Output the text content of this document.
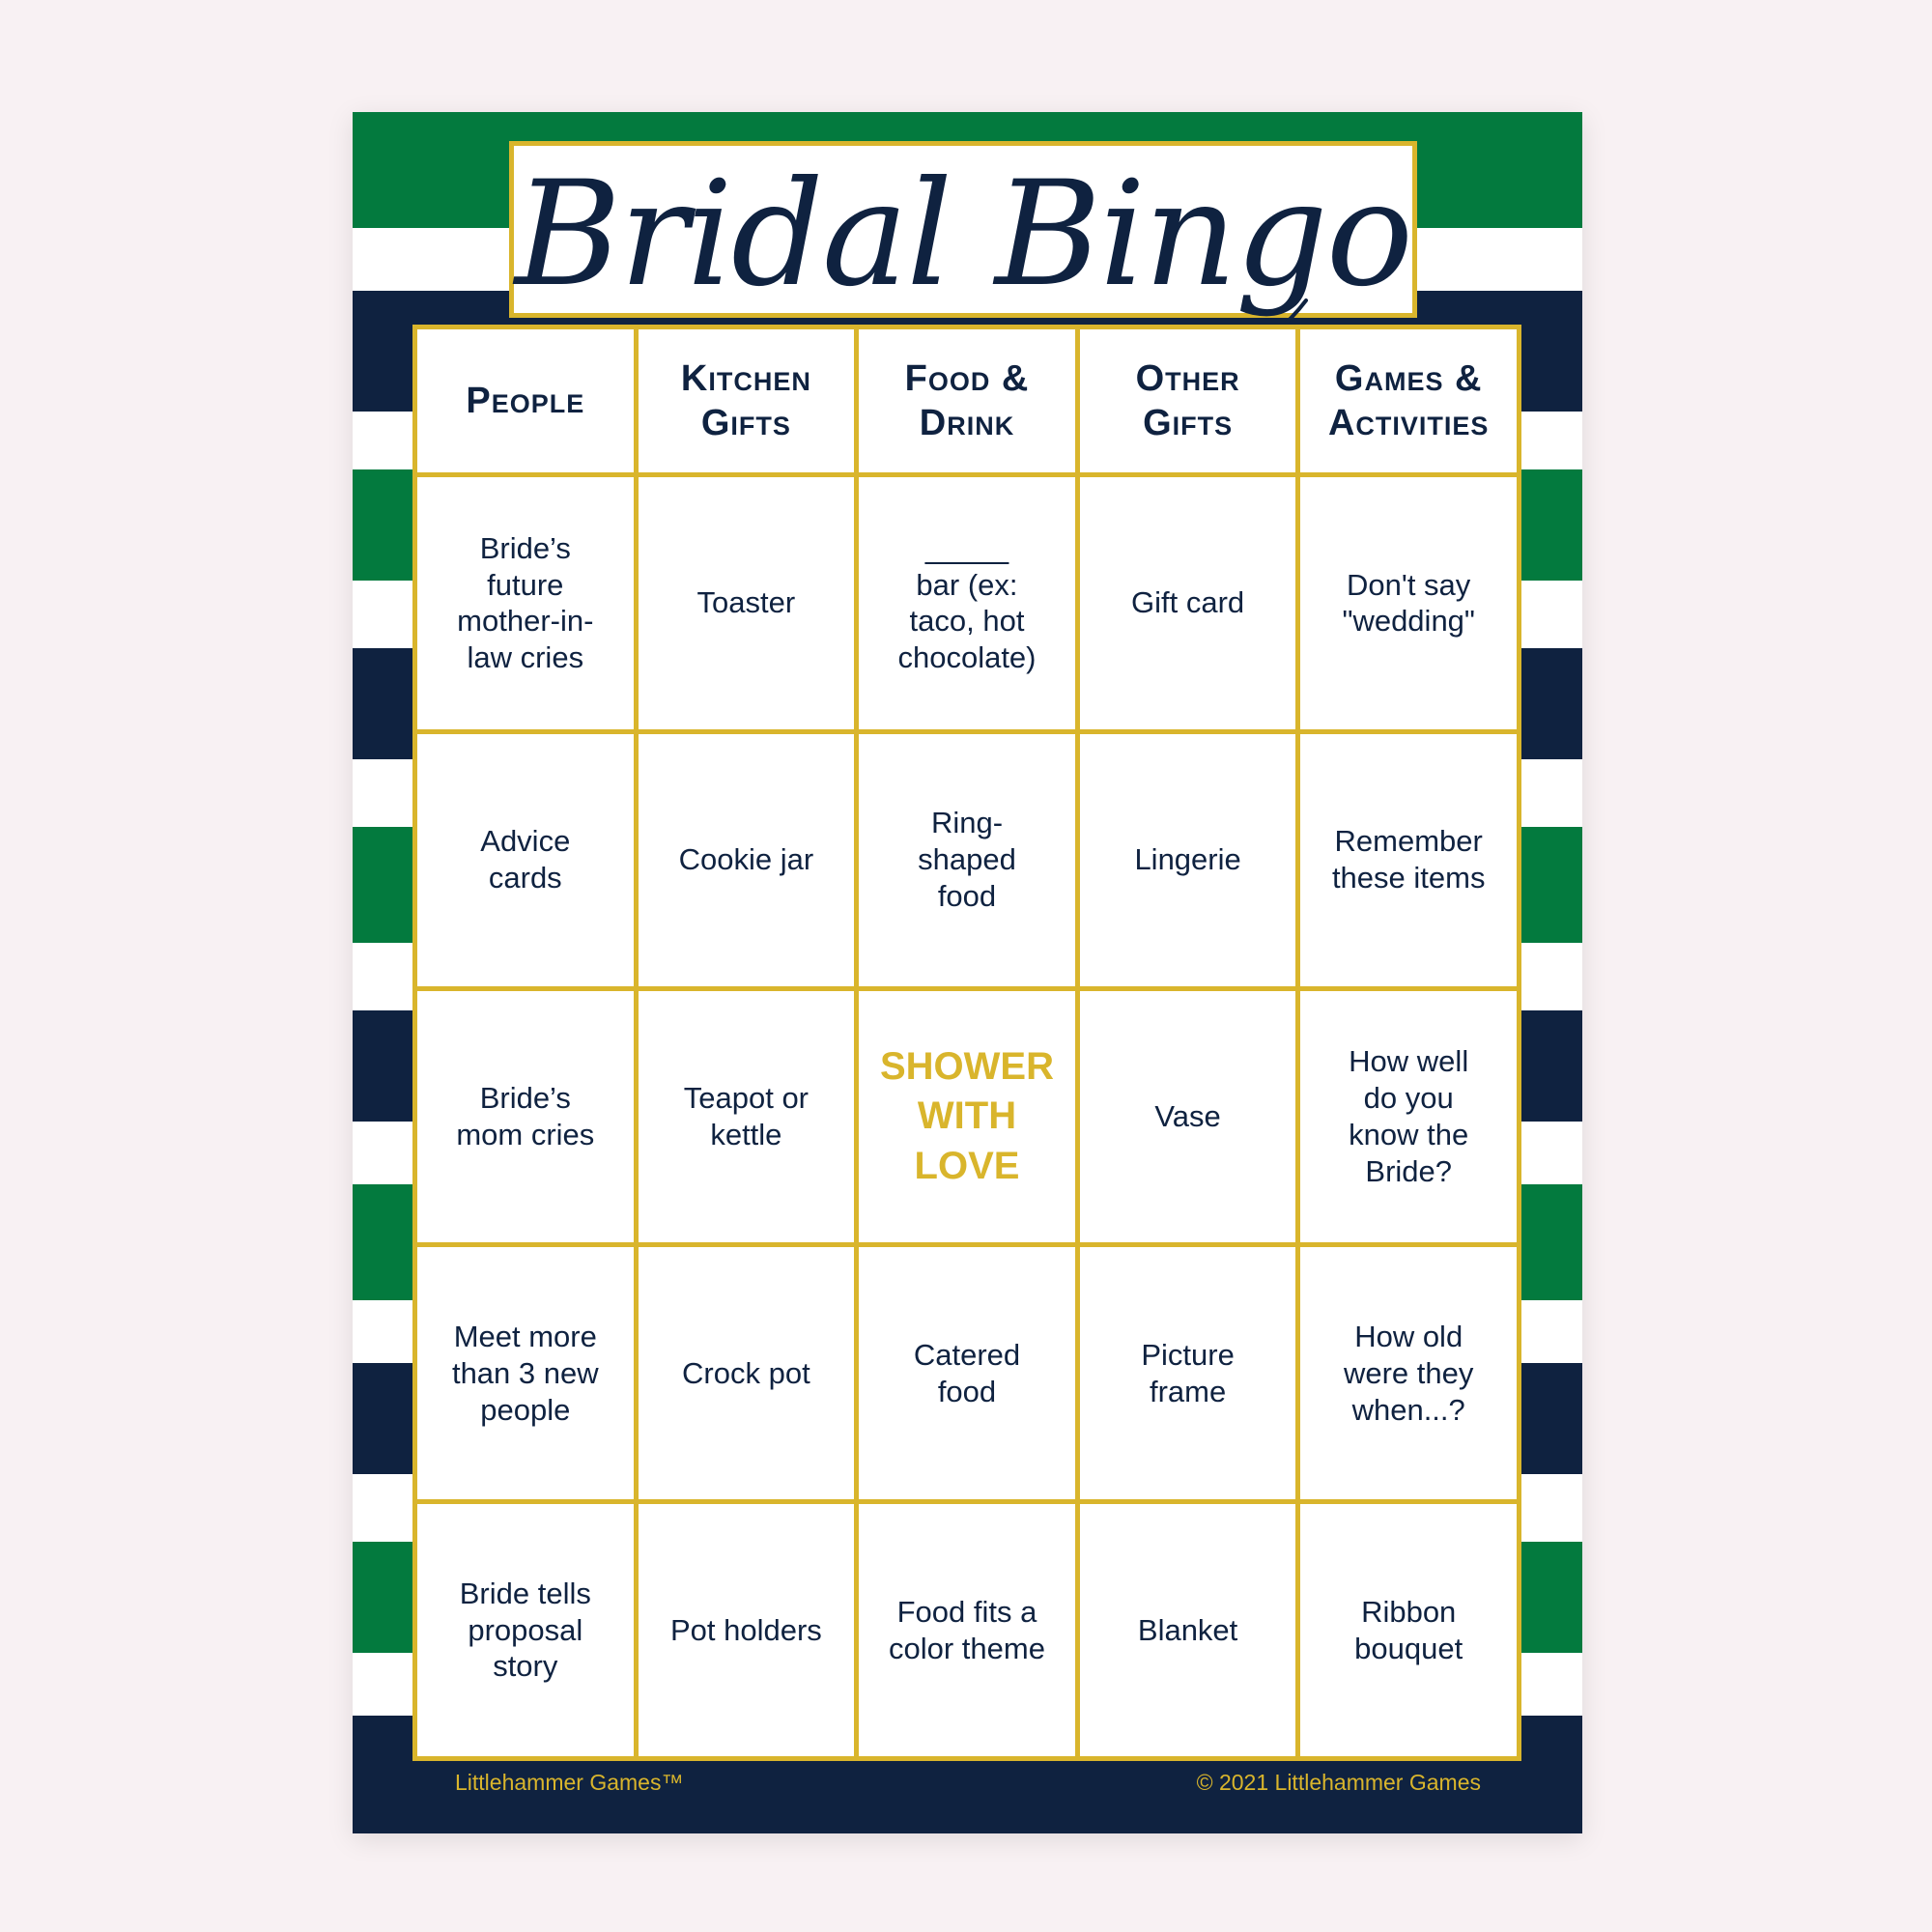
Bridal Bingo
People
Kitchen
Gifts
Food &
Drink
Other
Gifts
Games &
Activities
Bride’s
future
mother-in-
law cries
Toaster
_____
bar (ex:
taco, hot
chocolate)
Gift card
Don't say
"wedding"
Advice
cards
Cookie jar
Ring-
shaped
food
Lingerie
Remember
these items
Bride’s
mom cries
Teapot or
kettle
SHOWER
WITH
LOVE
Vase
How well
do you
know the
Bride?
Meet more
than 3 new
people
Crock pot
Catered
food
Picture
frame
How old
were they
when...?
Bride tells
proposal
story
Pot holders
Food fits a
color theme
Blanket
Ribbon
bouquet
Littlehammer Games™	© 2021 Littlehammer Games
